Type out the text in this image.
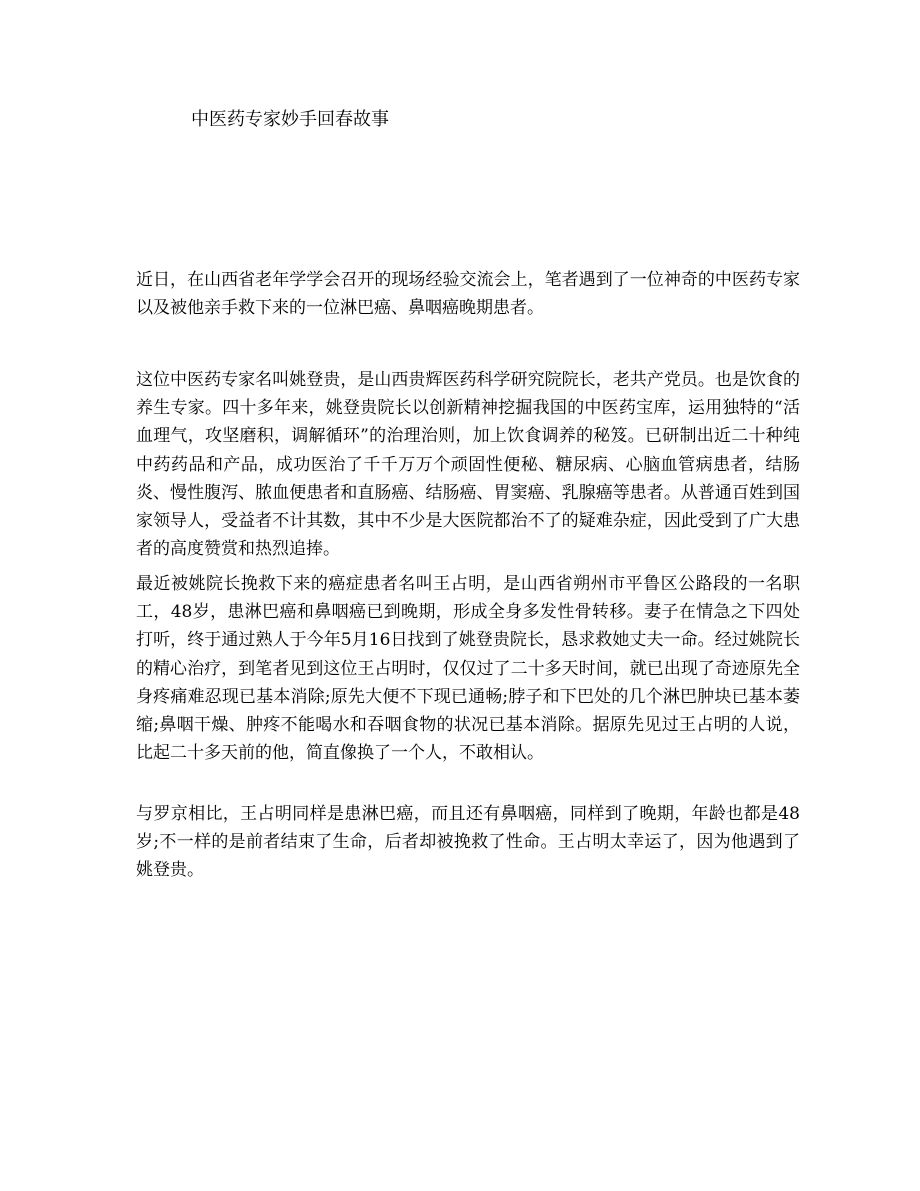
中医药专家妙手回春故事

近日，在山西省老年学学会召开的现场经验交流会上，笔者遇到了一位神奇的中医药专家以及被他亲手救下来的一位淋巴癌、鼻咽癌晚期患者。

这位中医药专家名叫姚登贵，是山西贵辉医药科学研究院院长，老共产党员。也是饮食的养生专家。四十多年来，姚登贵院长以创新精神挖掘我国的中医药宝库，运用独特的“活血理气，攻坚磨积，调解循环”的治理治则，加上饮食调养的秘笈。已研制出近二十种纯中药药品和产品，成功医治了千千万万个顽固性便秘、糖尿病、心脑血管病患者，结肠炎、慢性腹泻、脓血便患者和直肠癌、结肠癌、胃窦癌、乳腺癌等患者。从普通百姓到国家领导人，受益者不计其数，其中不少是大医院都治不了的疑难杂症，因此受到了广大患者的高度赞赏和热烈追捧。

最近被姚院长挽救下来的癌症患者名叫王占明，是山西省朔州市平鲁区公路段的一名职工，48岁，患淋巴癌和鼻咽癌已到晚期，形成全身多发性骨转移。妻子在情急之下四处打听，终于通过熟人于今年5月16日找到了姚登贵院长，恳求救她丈夫一命。经过姚院长的精心治疗，到笔者见到这位王占明时，仅仅过了二十多天时间，就已出现了奇迹原先全身疼痛难忍现已基本消除;原先大便不下现已通畅;脖子和下巴处的几个淋巴肿块已基本萎缩;鼻咽干燥、肿疼不能喝水和吞咽食物的状况已基本消除。据原先见过王占明的人说，比起二十多天前的他，简直像换了一个人，不敢相认。

与罗京相比，王占明同样是患淋巴癌，而且还有鼻咽癌，同样到了晚期，年龄也都是48岁;不一样的是前者结束了生命，后者却被挽救了性命。王占明太幸运了，因为他遇到了姚登贵。
